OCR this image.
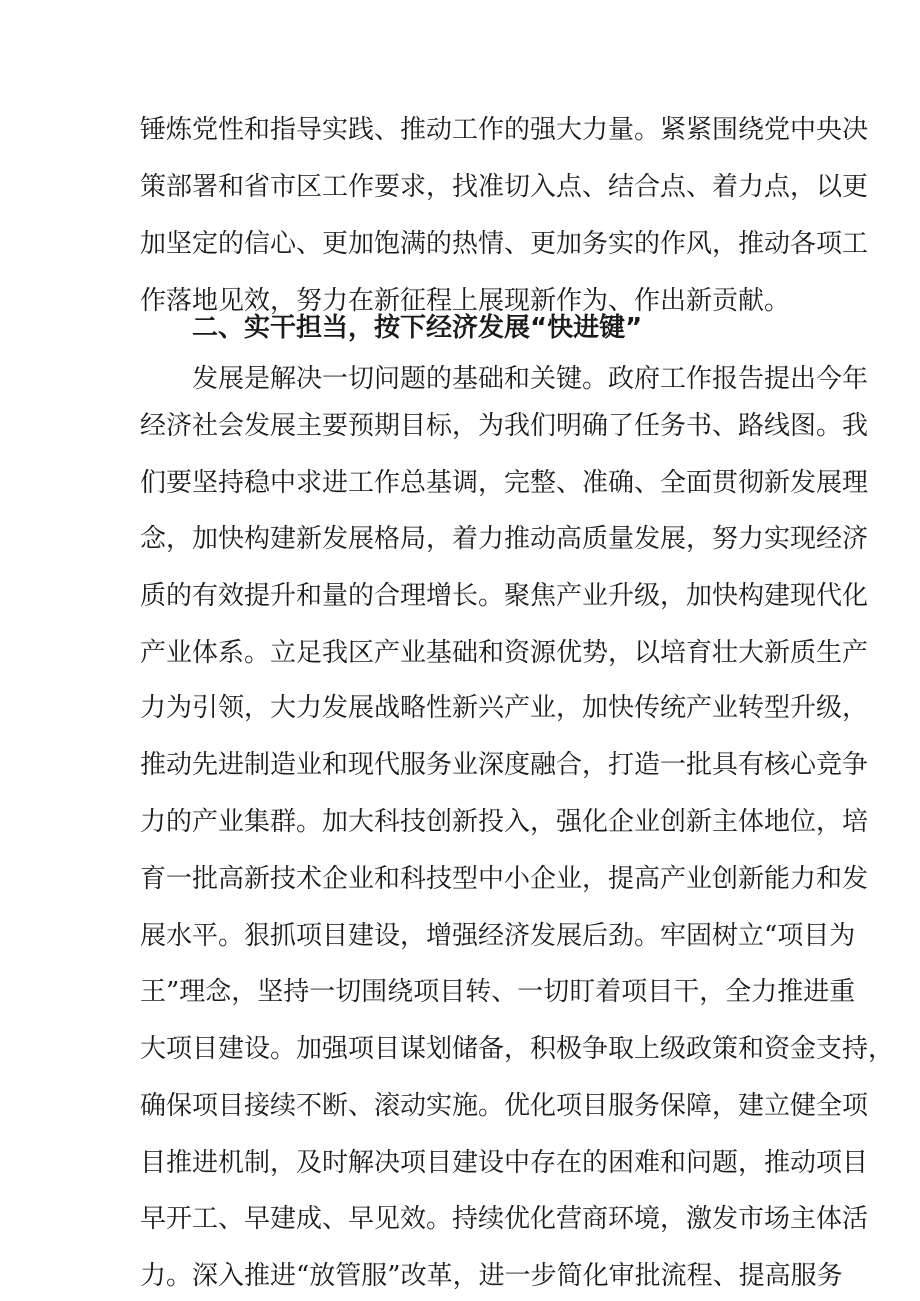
锤炼党性和指导实践、推动工作的强大力量。紧紧围绕党中央决
策部署和省市区工作要求，找准切入点、结合点、着力点，以更
加坚定的信心、更加饱满的热情、更加务实的作风，推动各项工
作落地见效，努力在新征程上展现新作为、作出新贡献。
二、实干担当，按下经济发展“快进键”
发展是解决一切问题的基础和关键。政府工作报告提出今年
经济社会发展主要预期目标，为我们明确了任务书、路线图。我
们要坚持稳中求进工作总基调，完整、准确、全面贯彻新发展理
念，加快构建新发展格局，着力推动高质量发展，努力实现经济
质的有效提升和量的合理增长。聚焦产业升级，加快构建现代化
产业体系。立足我区产业基础和资源优势，以培育壮大新质生产
力为引领，大力发展战略性新兴产业，加快传统产业转型升级，
推动先进制造业和现代服务业深度融合，打造一批具有核心竞争
力的产业集群。加大科技创新投入，强化企业创新主体地位，培
育一批高新技术企业和科技型中小企业，提高产业创新能力和发
展水平。狠抓项目建设，增强经济发展后劲。牢固树立“项目为
王”理念，坚持一切围绕项目转、一切盯着项目干，全力推进重
大项目建设。加强项目谋划储备，积极争取上级政策和资金支持，
确保项目接续不断、滚动实施。优化项目服务保障，建立健全项
目推进机制，及时解决项目建设中存在的困难和问题，推动项目
早开工、早建成、早见效。持续优化营商环境，激发市场主体活
力。深入推进“放管服”改革，进一步简化审批流程、提高服务
